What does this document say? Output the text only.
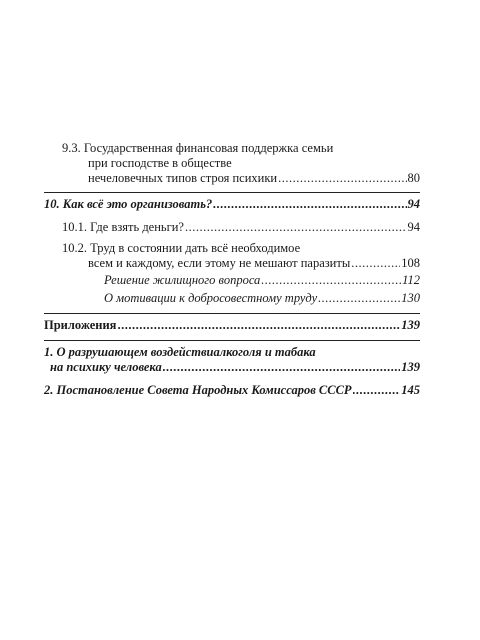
9.3. Государственная финансовая поддержка семьи
при господстве в обществе
нечеловечных типов строя психики .....	80
10. Как всё это организовать? .....	94
10.1. Где взять деньги? .....	94
10.2. Труд в состоянии дать всё необходимое
всем и каждому, если этому не мешают паразиты .....	108
Решение жилищного вопроса .....	112
О мотивации к добросовестному труду .....	130
Приложения .....	139
1. О разрушающем воздействиалкоголя и табака
на психику человека .....	139
2. Постановление Совета Народных Комиссаров СССР .....	145
